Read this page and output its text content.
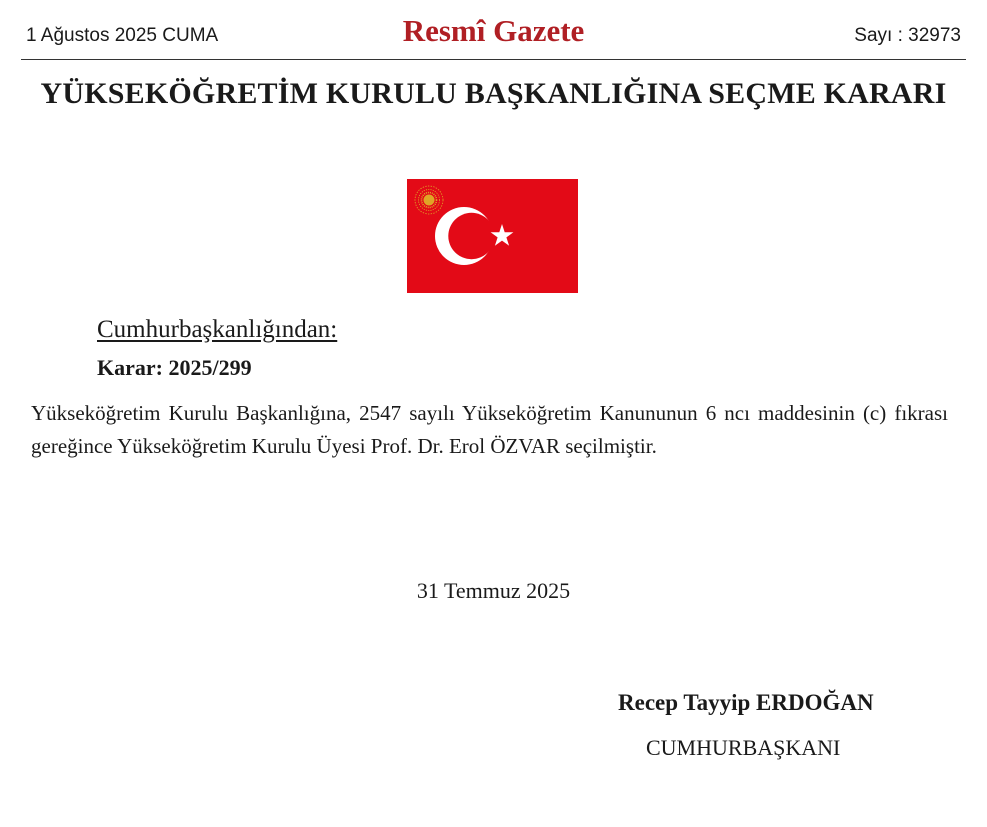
1 Ağustos 2025 CUMA	Resmî Gazete	Sayı : 32973
YÜKSEKÖĞRETİM KURULU BAŞKANLIĞINA SEÇME KARARI
Cumhurbaşkanlığından:
Karar: 2025/299
Yükseköğretim Kurulu Başkanlığına, 2547 sayılı Yükseköğretim Kanununun 6 ncı maddesinin (c) fıkrası gereğince Yükseköğretim Kurulu Üyesi Prof. Dr. Erol ÖZVAR seçilmiştir.
31 Temmuz 2025
Recep Tayyip ERDOĞAN
CUMHURBAŞKANI
